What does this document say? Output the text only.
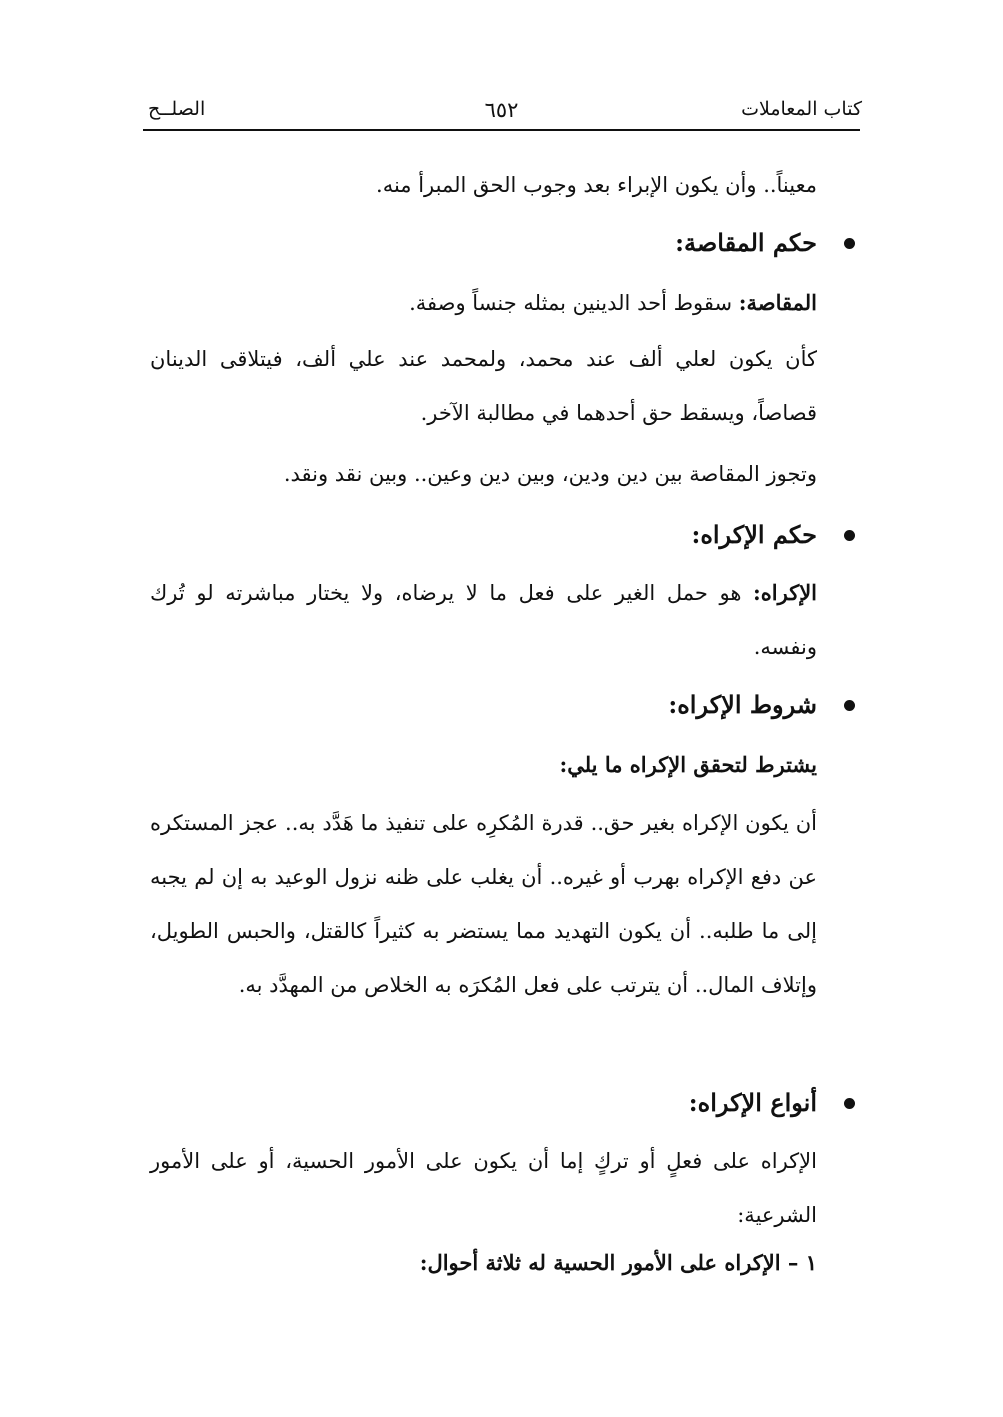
كتاب المعاملات
٦٥٢
الصلــح
معيناً.. وأن يكون الإبراء بعد وجوب الحق المبرأ منه.
حكم المقاصة:
المقاصة: سقوط أحد الدينين بمثله جنساً وصفة.
كأن يكون لعلي ألف عند محمد، ولمحمد عند علي ألف، فيتلاقى الدينان قصاصاً، ويسقط حق أحدهما في مطالبة الآخر.
وتجوز المقاصة بين دين ودين، وبين دين وعين.. وبين نقد ونقد.
حكم الإكراه:
الإكراه: هو حمل الغير على فعل ما لا يرضاه، ولا يختار مباشرته لو تُرك ونفسه.
شروط الإكراه:
يشترط لتحقق الإكراه ما يلي:
أن يكون الإكراه بغير حق.. قدرة المُكرِه على تنفيذ ما هَدَّد به.. عجز المستكره عن دفع الإكراه بهرب أو غيره.. أن يغلب على ظنه نزول الوعيد به إن لم يجبه إلى ما طلبه.. أن يكون التهديد مما يستضر به كثيراً كالقتل، والحبس الطويل، وإتلاف المال.. أن يترتب على فعل المُكرَه به الخلاص من المهدَّد به.
أنواع الإكراه:
الإكراه على فعلٍ أو تركٍ إما أن يكون على الأمور الحسية، أو على الأمور الشرعية:
١ – الإكراه على الأمور الحسية له ثلاثة أحوال:
